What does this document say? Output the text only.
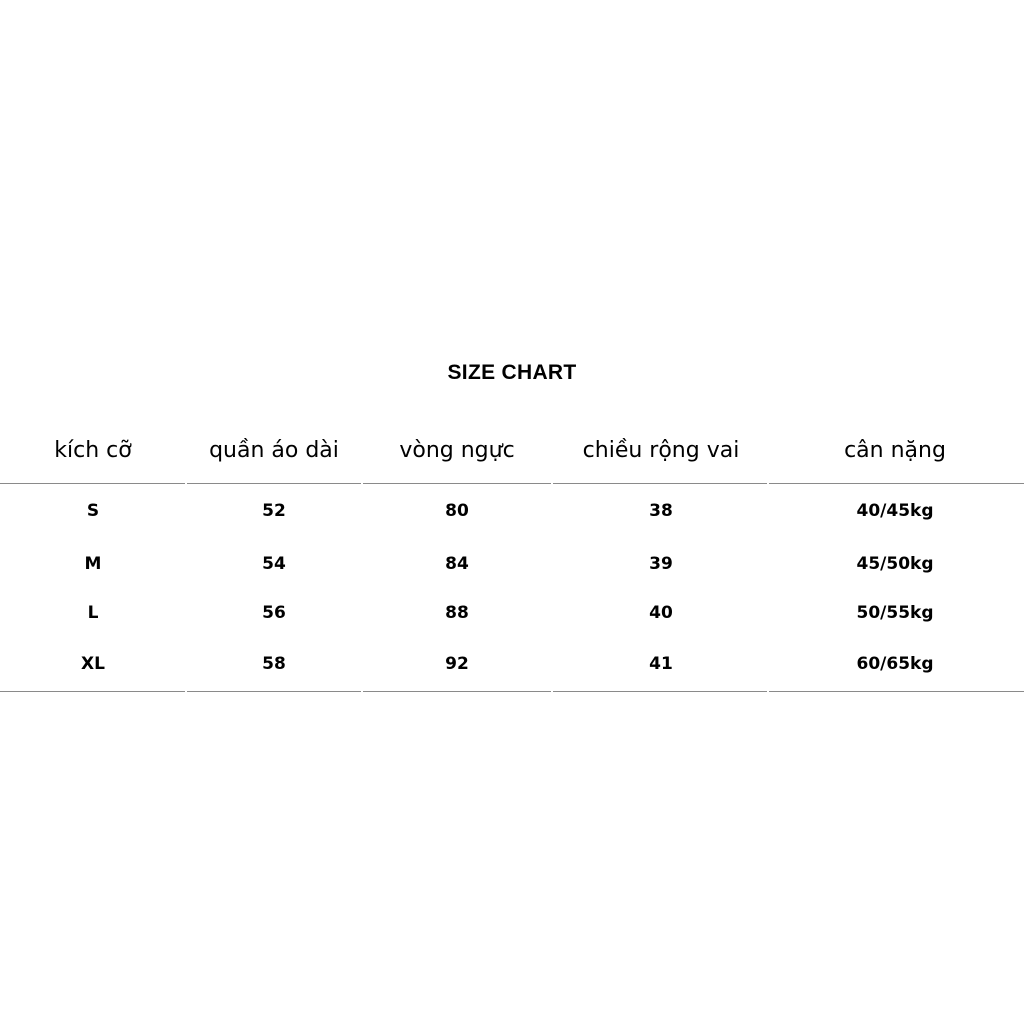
SIZE CHART
kích cỡ	quần áo dài	vòng ngực	chiều rộng vai	cân nặng
S	52	80	38	40/45kg
M	54	84	39	45/50kg
L	56	88	40	50/55kg
XL	58	92	41	60/65kg
